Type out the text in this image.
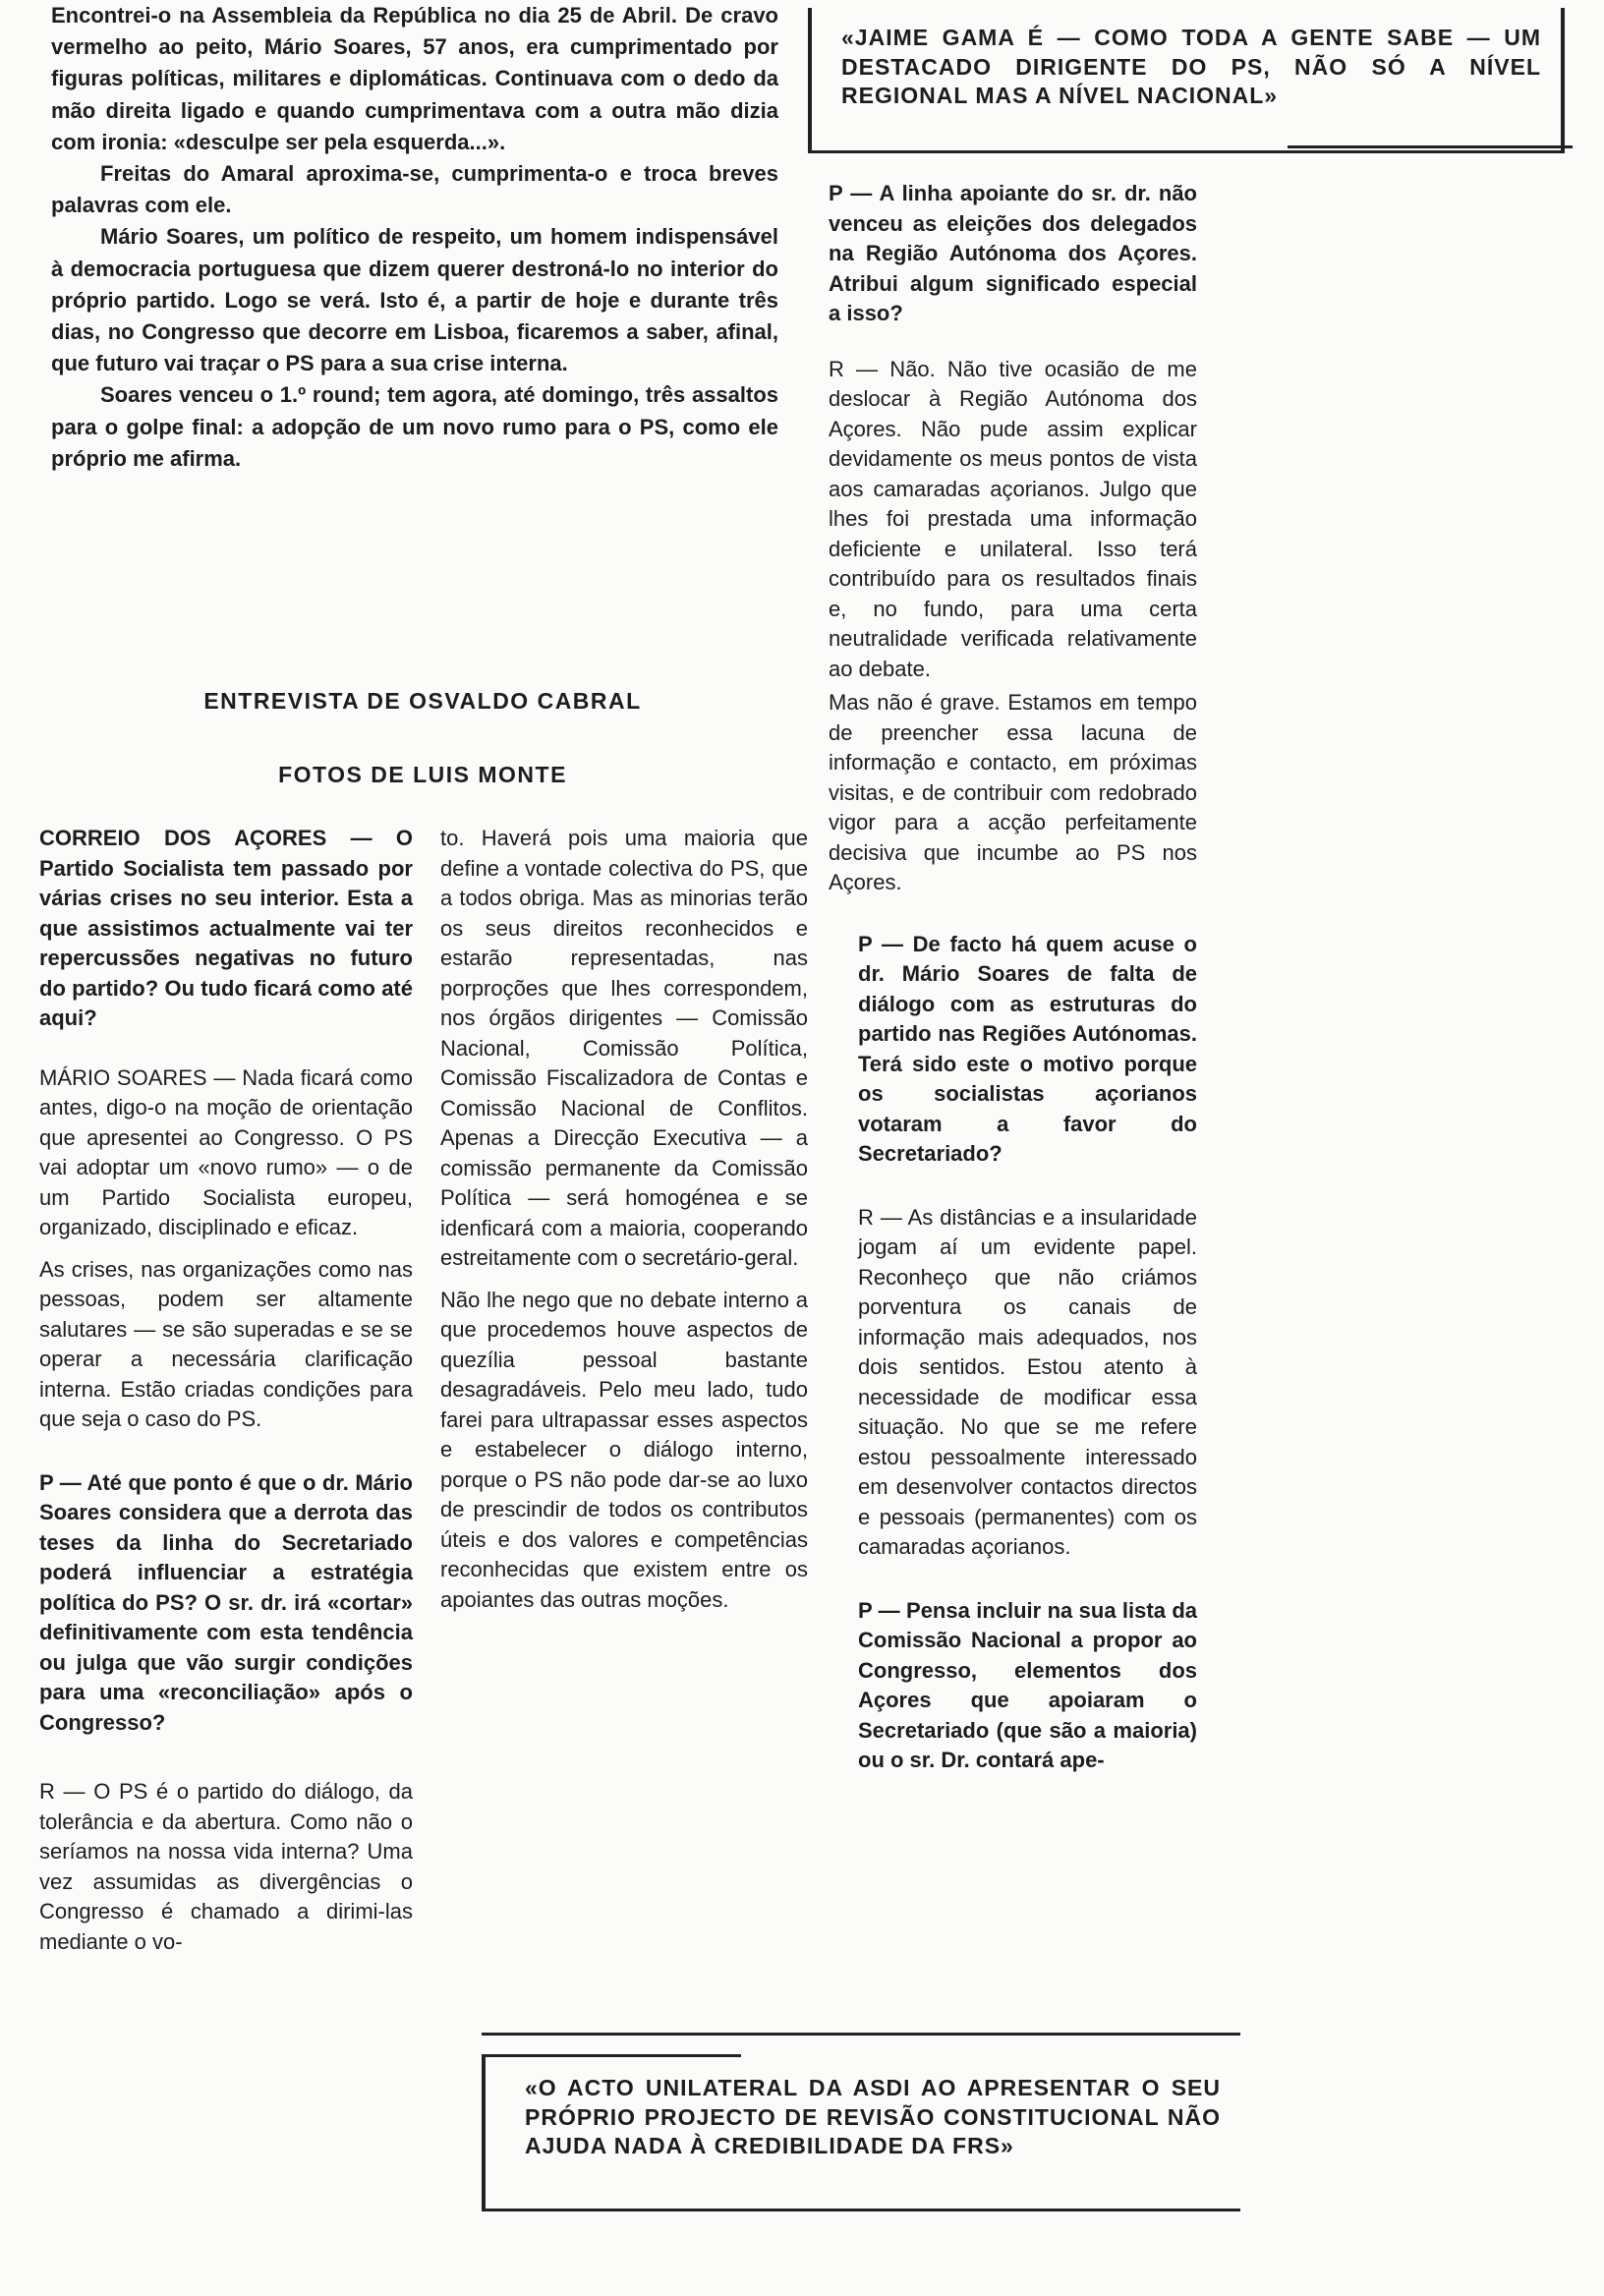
Encontrei-o na Assembleia da República no dia 25 de Abril. De cravo vermelho ao peito, Mário Soares, 57 anos, era cumprimentado por figuras políticas, militares e diplomáticas. Continuava com o dedo da mão direita ligado e quando cumprimentava com a outra mão dizia com ironia: «desculpe ser pela esquerda...».

Freitas do Amaral aproxima-se, cumprimenta-o e troca breves palavras com ele.

Mário Soares, um político de respeito, um homem indispensável à democracia portuguesa que dizem querer destroná-lo no interior do próprio partido. Logo se verá. Isto é, a partir de hoje e durante três dias, no Congresso que decorre em Lisboa, ficaremos a saber, afinal, que futuro vai traçar o PS para a sua crise interna.

Soares venceu o 1.º round; tem agora, até domingo, três assaltos para o golpe final: a adopção de um novo rumo para o PS, como ele próprio me afirma.

ENTREVISTA DE OSVALDO CABRAL
FOTOS DE LUIS MONTE

CORREIO DOS AÇORES — O Partido Socialista tem passado por várias crises no seu interior. Esta a que assistimos actualmente vai ter repercussões negativas no futuro do partido? Ou tudo ficará como até aqui?

MÁRIO SOARES — Nada ficará como antes, digo-o na moção de orientação que apresentei ao Congresso. O PS vai adoptar um «novo rumo» — o de um Partido Socialista europeu, organizado, disciplinado e eficaz.

As crises, nas organizações como nas pessoas, podem ser altamente salutares — se são superadas e se se operar a necessária clarificação interna. Estão criadas condições para que seja o caso do PS.

P — Até que ponto é que o dr. Mário Soares considera que a derrota das teses da linha do Secretariado poderá influenciar a estratégia política do PS? O sr. dr. irá «cortar» definitivamente com esta tendência ou julga que vão surgir condições para uma «reconciliação» após o Congresso?

R — O PS é o partido do diálogo, da tolerância e da abertura. Como não o seríamos na nossa vida interna? Uma vez assumidas as divergências o Congresso é chamado a dirimi-las mediante o vo-

to. Haverá pois uma maioria que define a vontade colectiva do PS, que a todos obriga. Mas as minorias terão os seus direitos reconhecidos e estarão representadas, nas porproções que lhes correspondem, nos órgãos dirigentes — Comissão Nacional, Comissão Política, Comissão Fiscalizadora de Contas e Comissão Nacional de Conflitos. Apenas a Direcção Executiva — a comissão permanente da Comissão Política — será homogénea e se idenficará com a maioria, cooperando estreitamente com o secretário-geral.

Não lhe nego que no debate interno a que procedemos houve aspectos de quezília pessoal bastante desagradáveis. Pelo meu lado, tudo farei para ultrapassar esses aspectos e estabelecer o diálogo interno, porque o PS não pode dar-se ao luxo de prescindir de todos os contributos úteis e dos valores e competências reconhecidas que existem entre os apoiantes das outras moções.

«JAIME GAMA É — COMO TODA A GENTE SABE — UM DESTACADO DIRIGENTE DO PS, NÃO SÓ A NÍVEL REGIONAL MAS A NÍVEL NACIONAL»

P — A linha apoiante do sr. dr. não venceu as eleições dos delegados na Região Autónoma dos Açores. Atribui algum significado especial a isso?

R — Não. Não tive ocasião de me deslocar à Região Autónoma dos Açores. Não pude assim explicar devidamente os meus pontos de vista aos camaradas açorianos. Julgo que lhes foi prestada uma informação deficiente e unilateral. Isso terá contribuído para os resultados finais e, no fundo, para uma certa neutralidade verificada relativamente ao debate.

Mas não é grave. Estamos em tempo de preencher essa lacuna de informação e contacto, em próximas visitas, e de contribuir com redobrado vigor para a acção perfeitamente decisiva que incumbe ao PS nos Açores.

P — De facto há quem acuse o dr. Mário Soares de falta de diálogo com as estruturas do partido nas Regiões Autónomas. Terá sido este o motivo porque os socialistas açorianos votaram a favor do Secretariado?

R — As distâncias e a insularidade jogam aí um evidente papel. Reconheço que não criámos porventura os canais de informação mais adequados, nos dois sentidos. Estou atento à necessidade de modificar essa situação. No que se me refere estou pessoalmente interessado em desenvolver contactos directos e pessoais (permanentes) com os camaradas açorianos.

P — Pensa incluir na sua lista da Comissão Nacional a propor ao Congresso, elementos dos Açores que apoiaram o Secretariado (que são a maioria) ou o sr. Dr. contará ape-

«O ACTO UNILATERAL DA ASDI AO APRESENTAR O SEU PRÓPRIO PROJECTO DE REVISÃO CONSTITUCIONAL NÃO AJUDA NADA À CREDIBILIDADE DA FRS»
